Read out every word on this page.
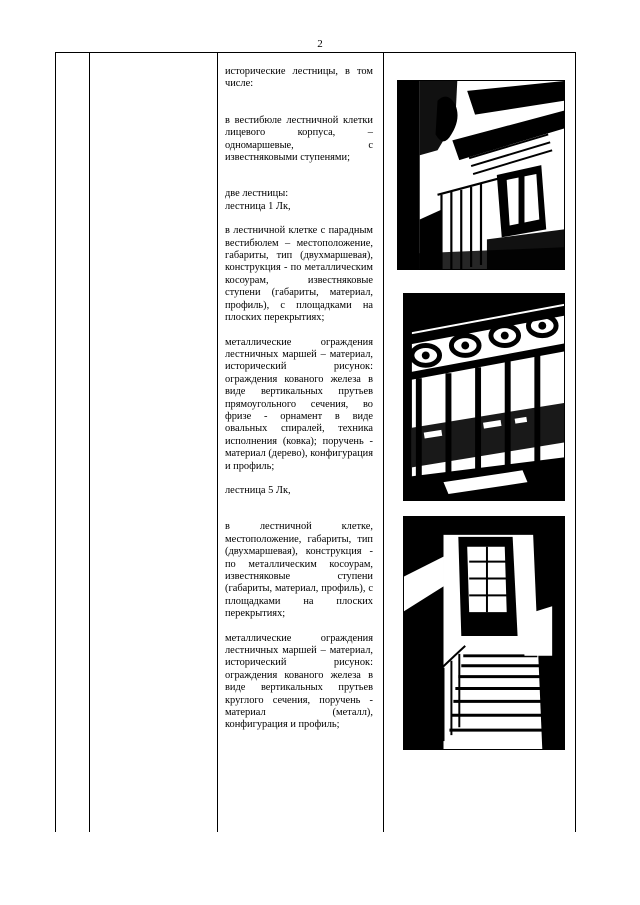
2

исторические лестницы, в том числе:

в вестибюле лестничной клетки лицевого корпуса, – одномаршевые, с известняковыми ступенями;

две лестницы:
лестница 1 Лк,

в лестничной клетке с парадным вестибюлем – местоположение, габариты, тип (двухмаршевая), конструкция - по металлическим косоурам, известняковые ступени (габариты, материал, профиль), с площадками на плоских перекрытиях;

металлические ограждения лестничных маршей – материал, исторический рисунок: ограждения кованого железа в виде вертикальных прутьев прямоугольного сечения, во фризе - орнамент в виде овальных спиралей, техника исполнения (ковка); поручень - материал (дерево), конфигурация и профиль;

лестница 5 Лк,

в лестничной клетке, местоположение, габариты, тип (двухмаршевая), конструкция - по металлическим косоурам, известняковые ступени (габариты, материал, профиль), с площадками на плоских перекрытиях;

металлические ограждения лестничных маршей – материал, исторический рисунок: ограждения кованого железа в виде вертикальных прутьев круглого сечения, поручень - материал (металл), конфигурация и профиль;
